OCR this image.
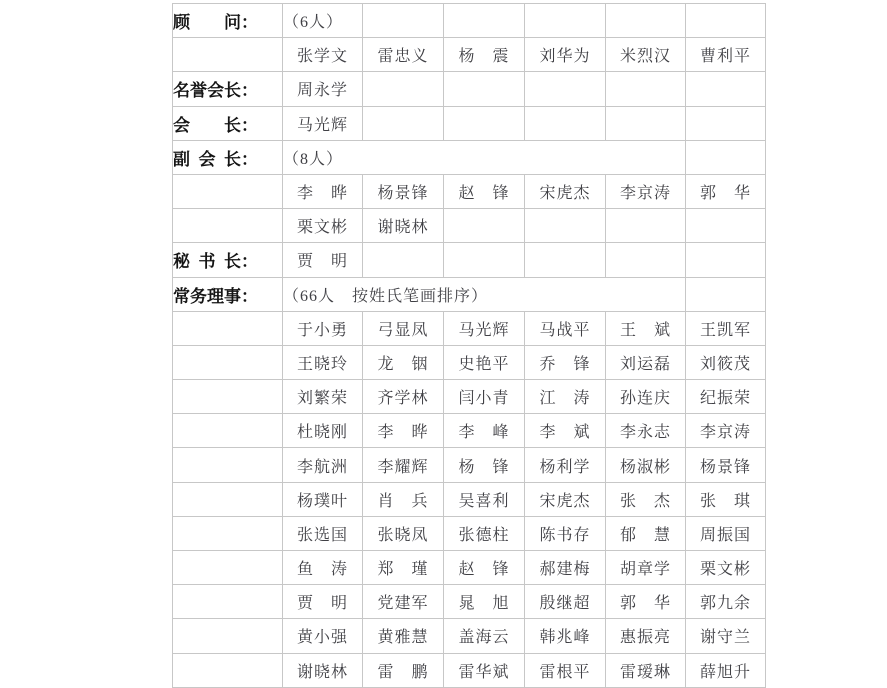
顾　　问：	（6人）					
	张学文	雷忠义	杨　震	刘华为	米烈汉	曹利平
名誉会长：	周永学					
会　　长：	马光辉					
副 会 长：	（8人）					
	李　晔	杨景锋	赵　锋	宋虎杰	李京涛	郭　华
	栗文彬	谢晓林				
秘 书 长：	贾　明					
常务理事：	（66人　按姓氏笔画排序）					
	于小勇	弓显凤	马光辉	马战平	王　斌	王凯军
	王晓玲	龙　铟	史艳平	乔　锋	刘运磊	刘筱茂
	刘繁荣	齐学林	闫小青	江　涛	孙连庆	纪振荣
	杜晓刚	李　晔	李　峰	李　斌	李永志	李京涛
	李航洲	李耀辉	杨　锋	杨利学	杨淑彬	杨景锋
	杨璞叶	肖　兵	吴喜利	宋虎杰	张　杰	张　琪
	张选国	张晓凤	张德柱	陈书存	郁　慧	周振国
	鱼　涛	郑　瑾	赵　锋	郝建梅	胡章学	栗文彬
	贾　明	党建军	晁　旭	殷继超	郭　华	郭九余
	黄小强	黄雅慧	盖海云	韩兆峰	惠振亮	谢守兰
	谢晓林	雷　鹏	雷华斌	雷根平	雷瑷琳	薛旭升
